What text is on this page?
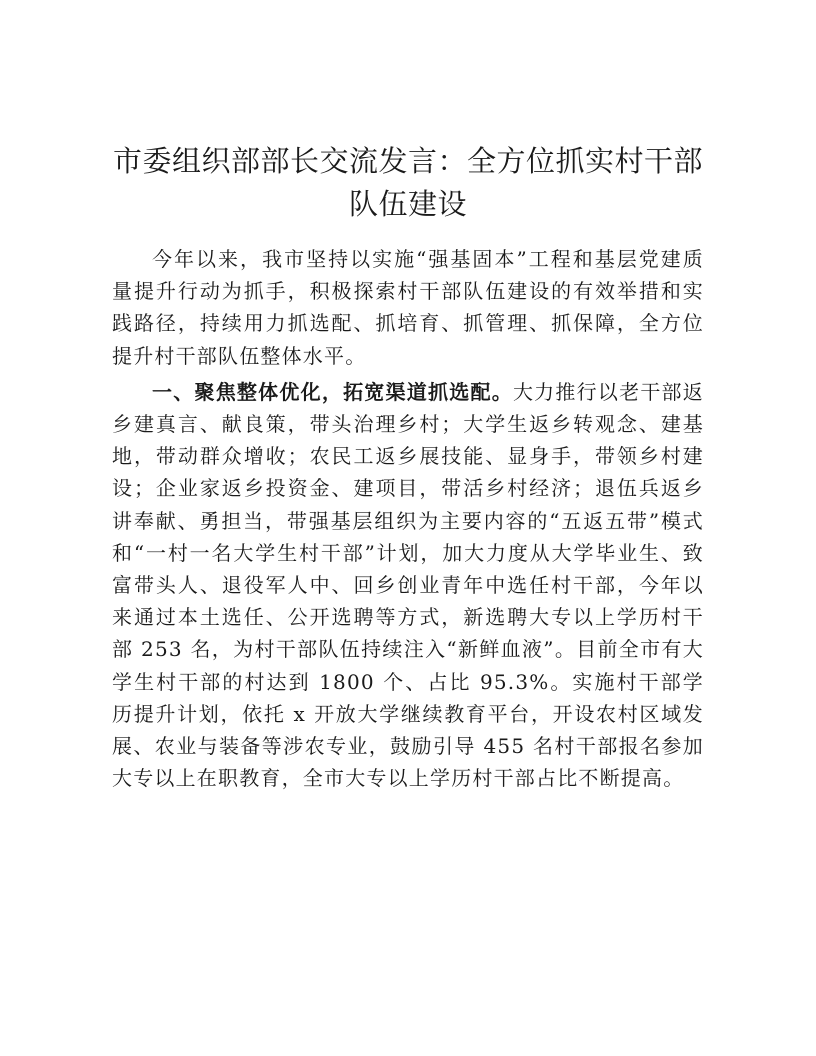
市委组织部部长交流发言：全方位抓实村干部
队伍建设

今年以来，我市坚持以实施“强基固本”工程和基层党建质量提升行动为抓手，积极探索村干部队伍建设的有效举措和实践路径，持续用力抓选配、抓培育、抓管理、抓保障，全方位提升村干部队伍整体水平。

一、聚焦整体优化，拓宽渠道抓选配。大力推行以老干部返乡建真言、献良策，带头治理乡村；大学生返乡转观念、建基地，带动群众增收；农民工返乡展技能、显身手，带领乡村建设；企业家返乡投资金、建项目，带活乡村经济；退伍兵返乡讲奉献、勇担当，带强基层组织为主要内容的“五返五带”模式和“一村一名大学生村干部”计划，加大力度从大学毕业生、致富带头人、退役军人中、回乡创业青年中选任村干部，今年以来通过本土选任、公开选聘等方式，新选聘大专以上学历村干部 253 名，为村干部队伍持续注入“新鲜血液”。目前全市有大学生村干部的村达到 1800 个、占比 95.3%。实施村干部学历提升计划，依托 x 开放大学继续教育平台，开设农村区域发展、农业与装备等涉农专业，鼓励引导 455 名村干部报名参加大专以上在职教育，全市大专以上学历村干部占比不断提高。
